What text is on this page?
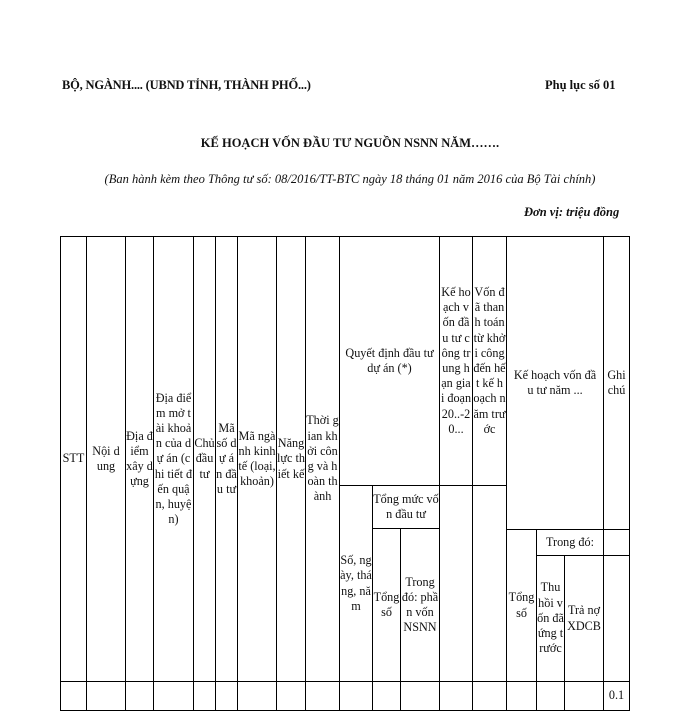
BỘ, NGÀNH.... (UBND TỈNH, THÀNH PHỐ...)	Phụ lục số 01
KẾ HOẠCH VỐN ĐẦU TƯ NGUỒN NSNN NĂM…….
(Ban hành kèm theo Thông tư số: 08/2016/TT-BTC ngày 18 tháng 01 năm 2016 của Bộ Tài chính)
Đơn vị: triệu đồng
STT
Nội dung
Địa điểm xây dựng
Địa điểm mở tài khoản của dự án (chi tiết đến quận, huyện)
Chủ đầu tư
Mã số dự án đầu tư
Mã ngành kinh tế (loại, khoản)
Năng lực thiết kế
Thời gian khởi công và hoàn thành
Quyết định đầu tư dự án (*)
Số, ngày, tháng, năm
Tổng mức vốn đầu tư
Tổng số
Trong đó: phần vốn NSNN
Kế hoạch vốn đầu tư công trung hạn giai đoạn 20..-20...
Vốn đã thanh toán từ khởi công đến hết kế hoạch năm trước
Kế hoạch vốn đầu tư năm ...
Tổng số
Trong đó:
Thu hồi vốn đã ứng trước
Trả nợ XDCB
Ghi chú
0.1
